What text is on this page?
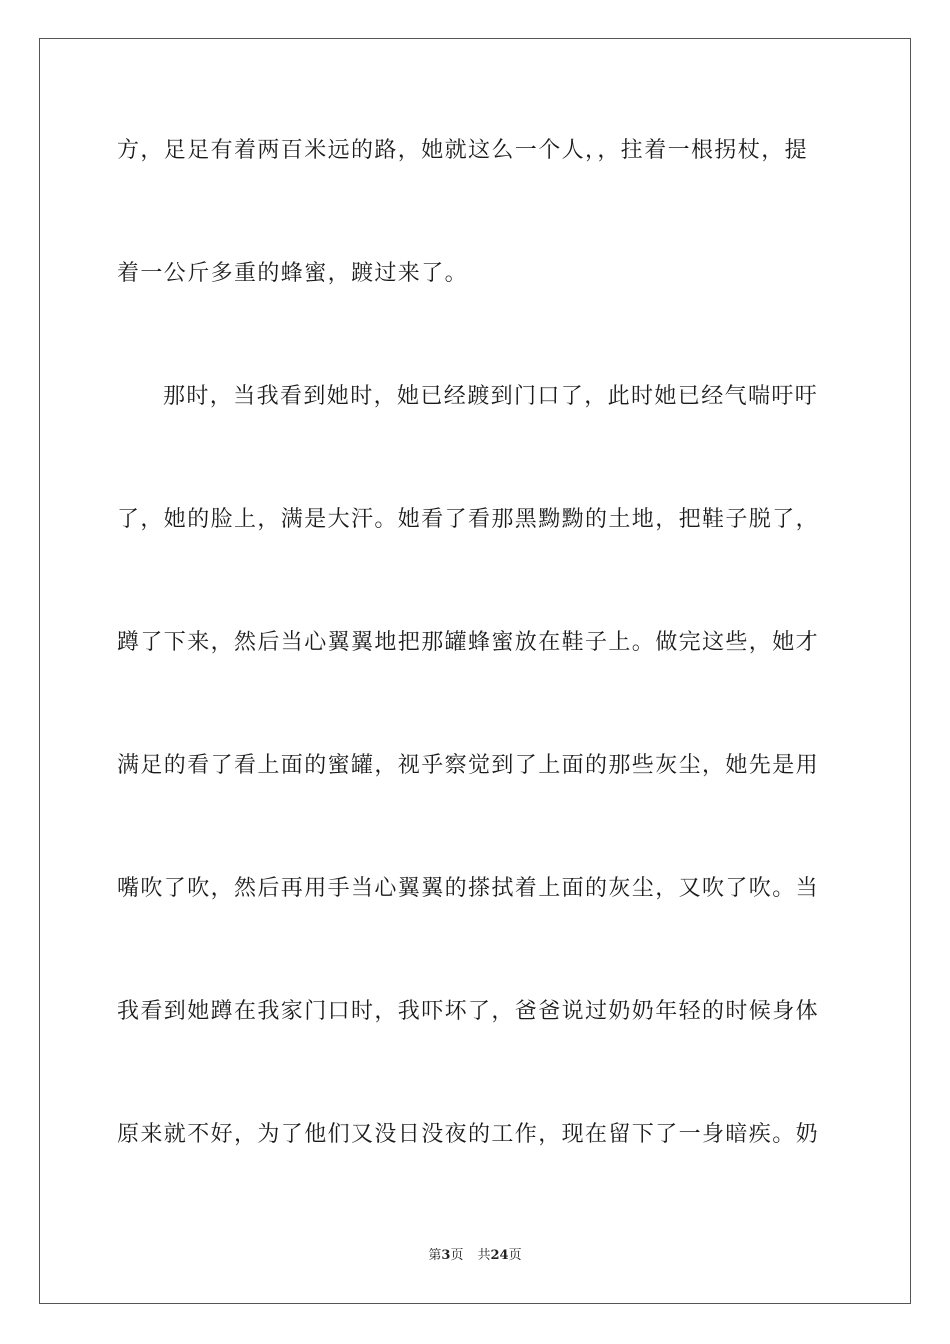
方，足足有着两百米远的路，她就这么一个人，，拄着一根拐杖，提
着一公斤多重的蜂蜜，踱过来了。
那时，当我看到她时，她已经踱到门口了，此时她已经气喘吁吁
了，她的脸上，满是大汗。她看了看那黑黝黝的土地，把鞋子脱了，
蹲了下来，然后当心翼翼地把那罐蜂蜜放在鞋子上。做完这些，她才
满足的看了看上面的蜜罐，视乎察觉到了上面的那些灰尘，她先是用
嘴吹了吹，然后再用手当心翼翼的搽拭着上面的灰尘，又吹了吹。当
我看到她蹲在我家门口时，我吓坏了，爸爸说过奶奶年轻的时候身体
原来就不好，为了他们又没日没夜的工作，现在留下了一身暗疾。奶
第3页 共24页
